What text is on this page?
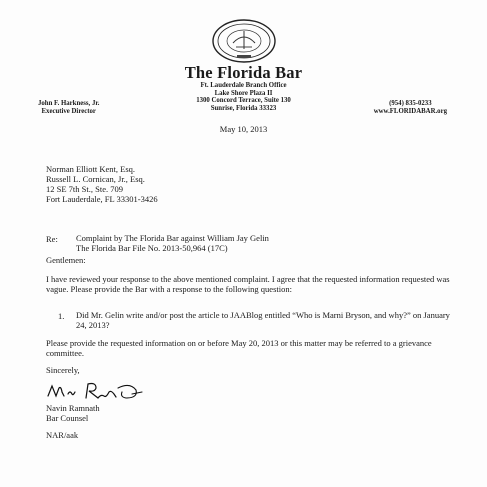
The Florida Bar
Ft. Lauderdale Branch Office
Lake Shore Plaza II
1300 Concord Terrace, Suite 130
Sunrise, Florida 33323
John F. Harkness, Jr.
Executive Director
(954) 835-0233
www.FLORIDABAR.org
May 10, 2013
Norman Elliott Kent, Esq.
Russell L. Cornican, Jr., Esq.
12 SE 7th St., Ste. 709
Fort Lauderdale, FL 33301-3426
Re: Complaint by The Florida Bar against William Jay Gelin
The Florida Bar File No. 2013-50,964 (17C)
Gentlemen:
I have reviewed your response to the above mentioned complaint. I agree that the requested information requested was vague. Please provide the Bar with a response to the following question:
1. Did Mr. Gelin write and/or post the article to JAABlog entitled “Who is Marni Bryson, and why?” on January 24, 2013?
Please provide the requested information on or before May 20, 2013 or this matter may be referred to a grievance committee.
Sincerely,
Navin Ramnath
Bar Counsel
NAR/aak
